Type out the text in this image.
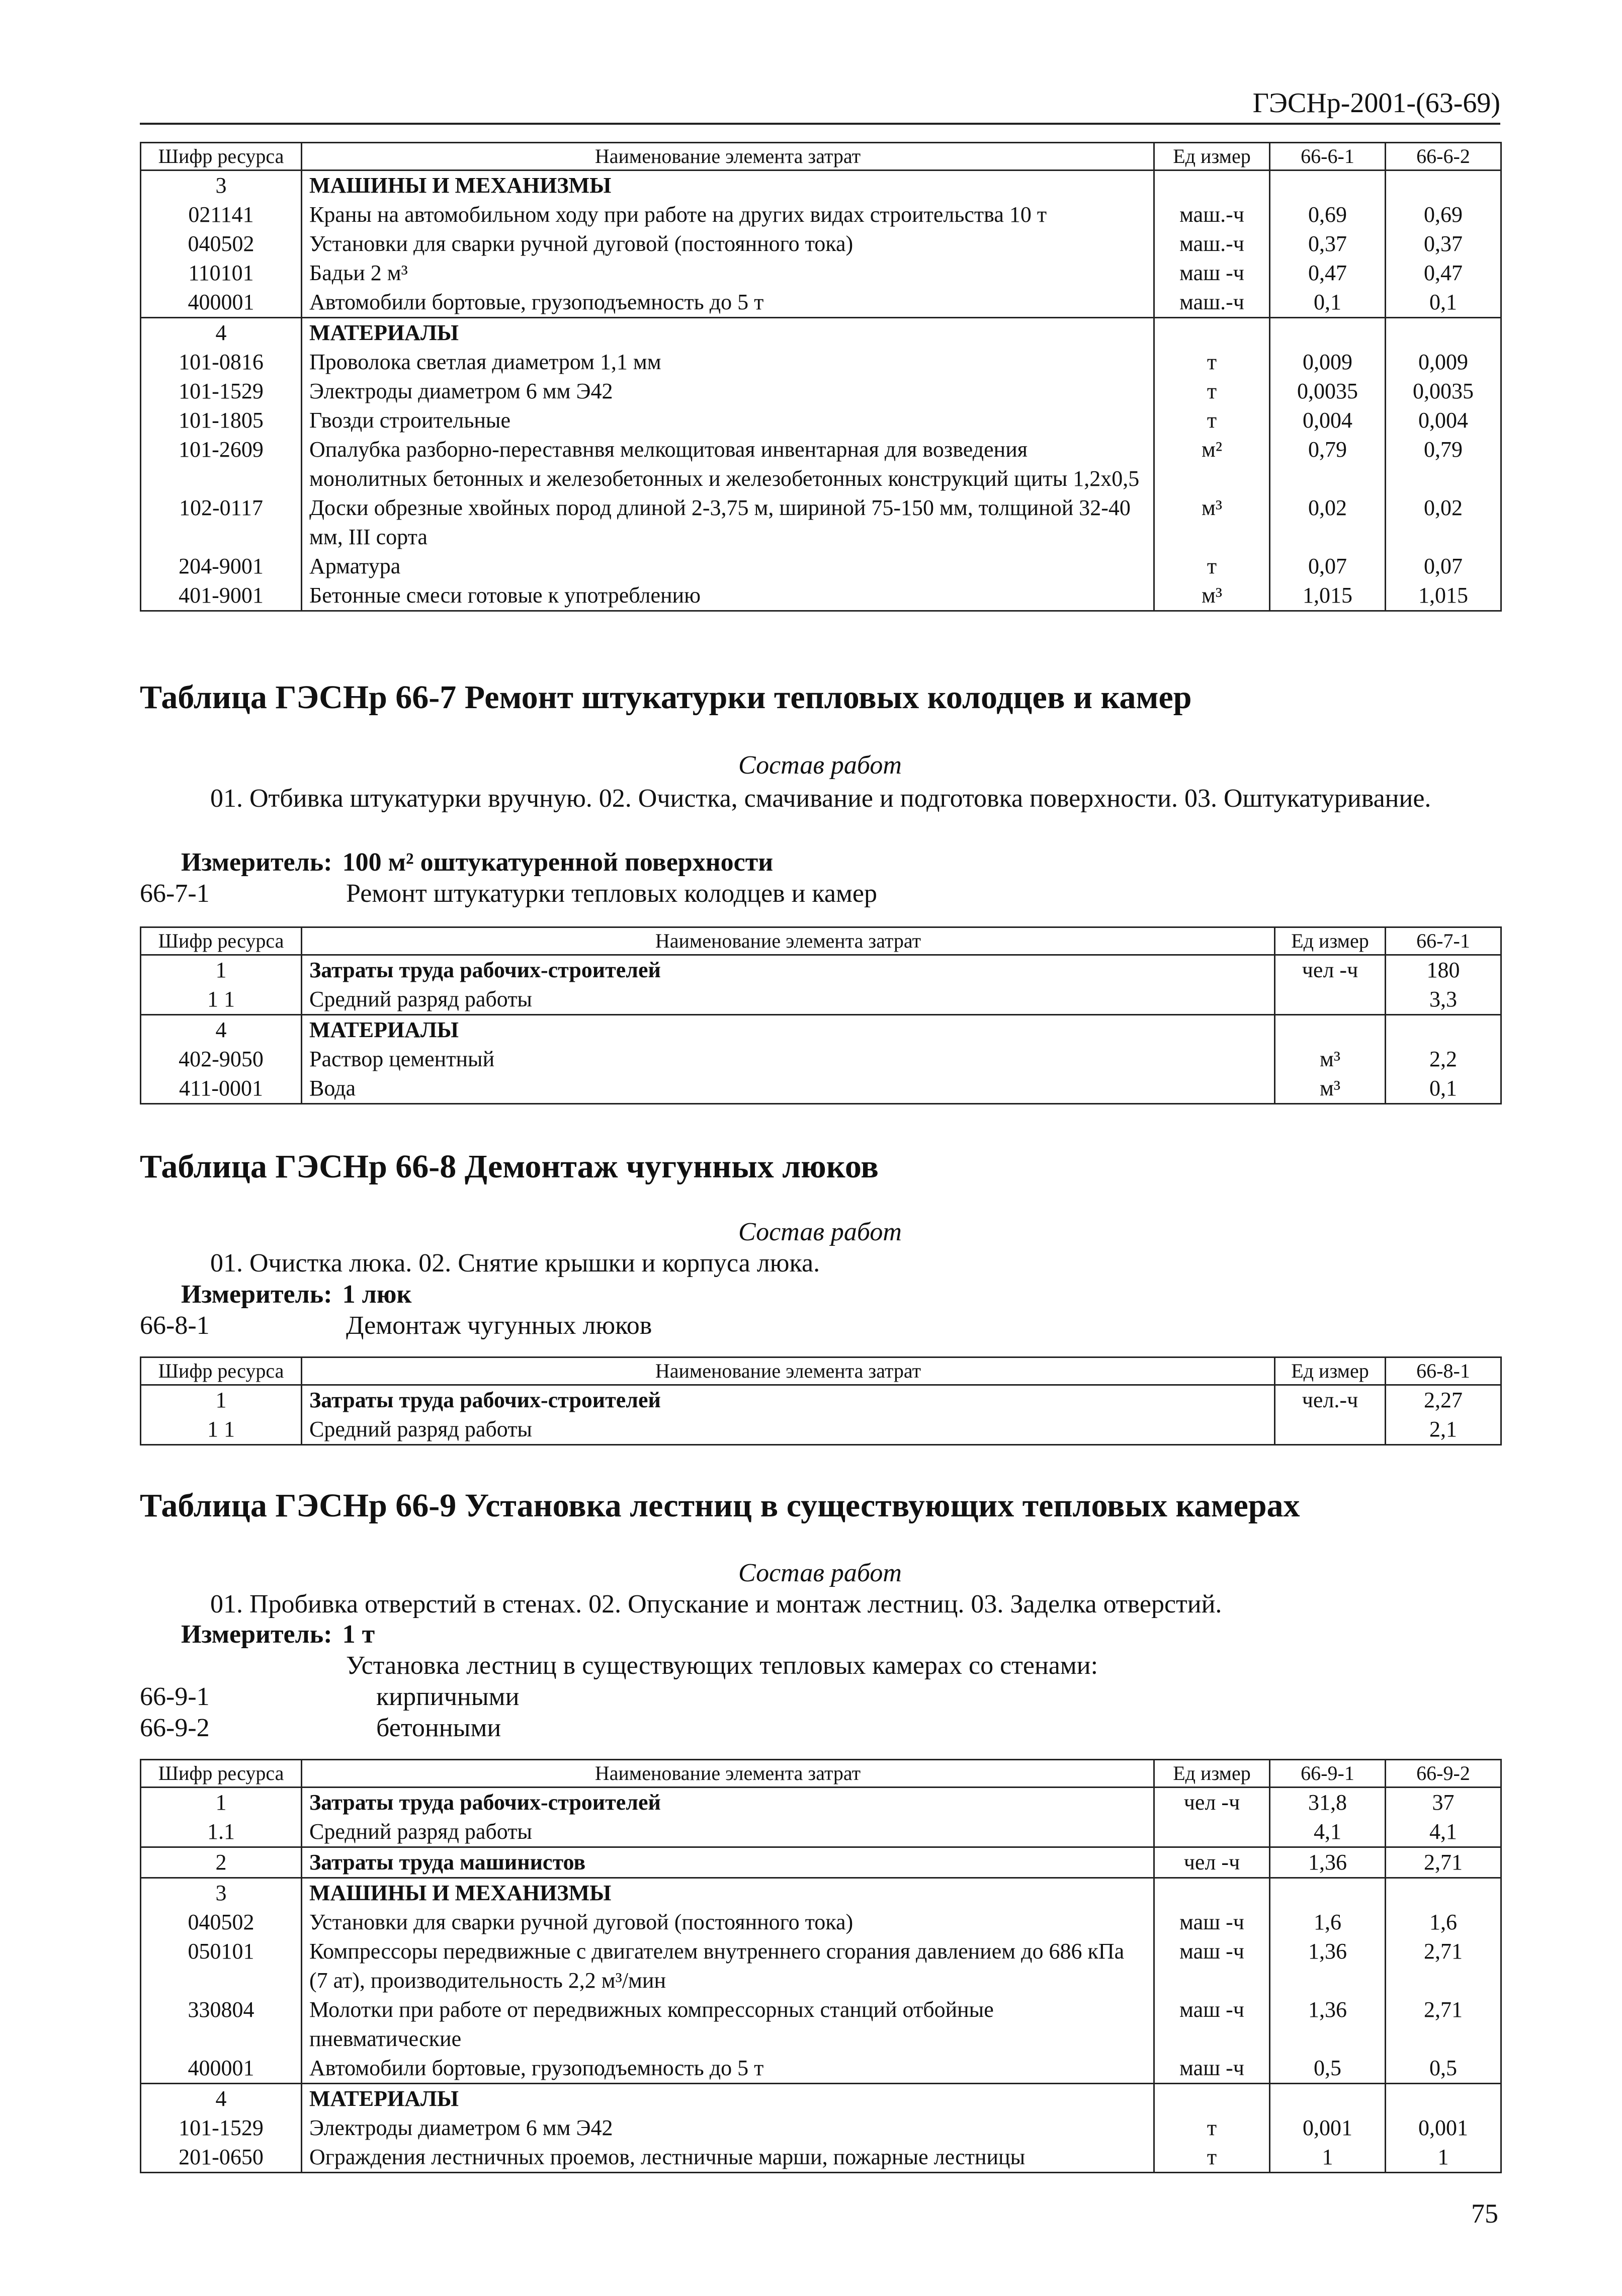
ГЭСНр-2001-(63-69)
Шифр ресурса	Наименование элемента затрат	Ед измер	66-6-1	66-6-2
3	МАШИНЫ И МЕХАНИЗМЫ			
021141	Краны на автомобильном ходу при работе на других видах строительства 10 т	маш.-ч	0,69	0,69
040502	Установки для сварки ручной дуговой (постоянного тока)	маш.-ч	0,37	0,37
110101	Бадьи 2 м³	маш -ч	0,47	0,47
400001	Автомобили бортовые, грузоподъемность до 5 т	маш.-ч	0,1	0,1
4	МАТЕРИАЛЫ			
101-0816	Проволока светлая диаметром 1,1 мм	т	0,009	0,009
101-1529	Электроды диаметром 6 мм Э42	т	0,0035	0,0035
101-1805	Гвозди строительные	т	0,004	0,004
101-2609	Опалубка разборно-переставнвя мелкощитовая инвентарная для возведения монолитных бетонных и железобетонных и железобетонных конструкций щиты 1,2х0,5	м²	0,79	0,79
102-0117	Доски обрезные хвойных пород длиной 2-3,75 м, шириной 75-150 мм, толщиной 32-40 мм, III сорта	м³	0,02	0,02
204-9001	Арматура	т	0,07	0,07
401-9001	Бетонные смеси готовые к употреблению	м³	1,015	1,015
Таблица ГЭСНр 66-7 Ремонт штукатурки тепловых колодцев и камер
Состав работ
01. Отбивка штукатурки вручную. 02. Очистка, смачивание и подготовка поверхности. 03. Оштукатуривание.
Измеритель: 100 м² оштукатуренной поверхности
66-7-1	Ремонт штукатурки тепловых колодцев и камер
Шифр ресурса	Наименование элемента затрат	Ед измер	66-7-1
1	Затраты труда рабочих-строителей	чел -ч	180
1 1	Средний разряд работы		3,3
4	МАТЕРИАЛЫ		
402-9050	Раствор цементный	м³	2,2
411-0001	Вода	м³	0,1
Таблица ГЭСНр 66-8 Демонтаж чугунных люков
Состав работ
01. Очистка люка. 02. Снятие крышки и корпуса люка.
Измеритель: 1 люк
66-8-1	Демонтаж чугунных люков
Шифр ресурса	Наименование элемента затрат	Ед измер	66-8-1
1	Затраты труда рабочих-строителей	чел.-ч	2,27
1 1	Средний разряд работы		2,1
Таблица ГЭСНр 66-9 Установка лестниц в существующих тепловых камерах
Состав работ
01. Пробивка отверстий в стенах. 02. Опускание и монтаж лестниц. 03. Заделка отверстий.
Измеритель: 1 т
Установка лестниц в существующих тепловых камерах со стенами:
66-9-1	кирпичными
66-9-2	бетонными
Шифр ресурса	Наименование элемента затрат	Ед измер	66-9-1	66-9-2
1	Затраты труда рабочих-строителей	чел -ч	31,8	37
1.1	Средний разряд работы		4,1	4,1
2	Затраты труда машинистов	чел -ч	1,36	2,71
3	МАШИНЫ И МЕХАНИЗМЫ			
040502	Установки для сварки ручной дуговой (постоянного тока)	маш -ч	1,6	1,6
050101	Компрессоры передвижные с двигателем внутреннего сгорания давлением до 686 кПа (7 ат), производительность 2,2 м³/мин	маш -ч	1,36	2,71
330804	Молотки при работе от передвижных компрессорных станций отбойные пневматические	маш -ч	1,36	2,71
400001	Автомобили бортовые, грузоподъемность до 5 т	маш -ч	0,5	0,5
4	МАТЕРИАЛЫ			
101-1529	Электроды диаметром 6 мм Э42	т	0,001	0,001
201-0650	Ограждения лестничных проемов, лестничные марши, пожарные лестницы	т	1	1
75
